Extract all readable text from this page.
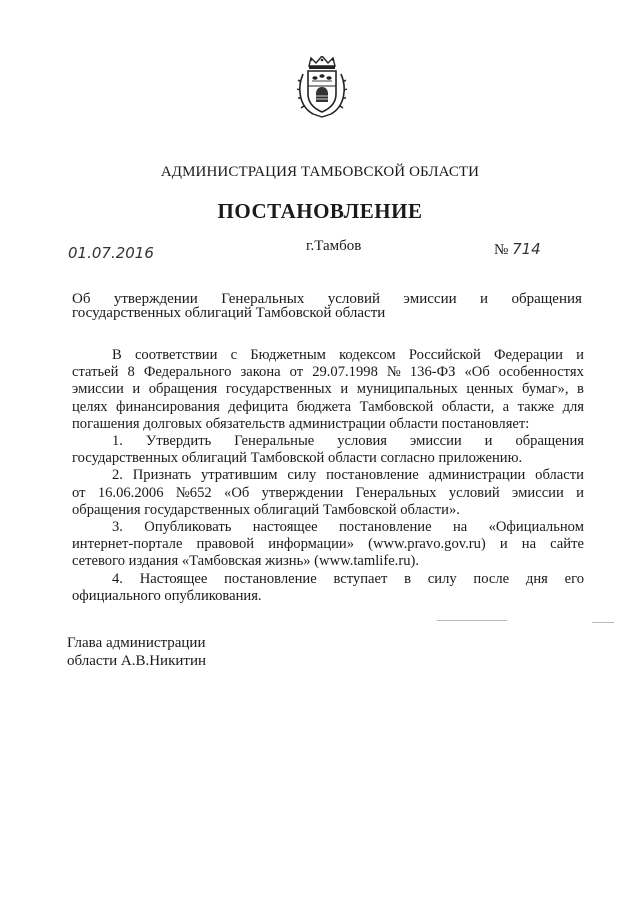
АДМИНИСТРАЦИЯ ТАМБОВСКОЙ ОБЛАСТИ
ПОСТАНОВЛЕНИЕ
01.07.2016	г.Тамбов	№ 714
Об утверждении Генеральных условий эмиссии и обращения
государственных облигаций Тамбовской области
В соответствии с Бюджетным кодексом Российской Федерации и
статьей 8 Федерального закона от 29.07.1998 № 136-ФЗ «Об особенностях
эмиссии и обращения государственных и муниципальных ценных бумаг», в
целях финансирования дефицита бюджета Тамбовской области, а также для
погашения долговых обязательств администрации области постановляет:
1. Утвердить Генеральные условия эмиссии и обращения
государственных облигаций Тамбовской области согласно приложению.
2. Признать утратившим силу постановление администрации области
от 16.06.2006 №652 «Об утверждении Генеральных условий эмиссии и
обращения государственных облигаций Тамбовской области».
3. Опубликовать настоящее постановление на «Официальном
интернет-портале правовой информации» (www.pravo.gov.ru) и на сайте
сетевого издания «Тамбовская жизнь» (www.tamlife.ru).
4. Настоящее постановление вступает в силу после дня его
официального опубликования.
Глава администрации
области А.В.Никитин
